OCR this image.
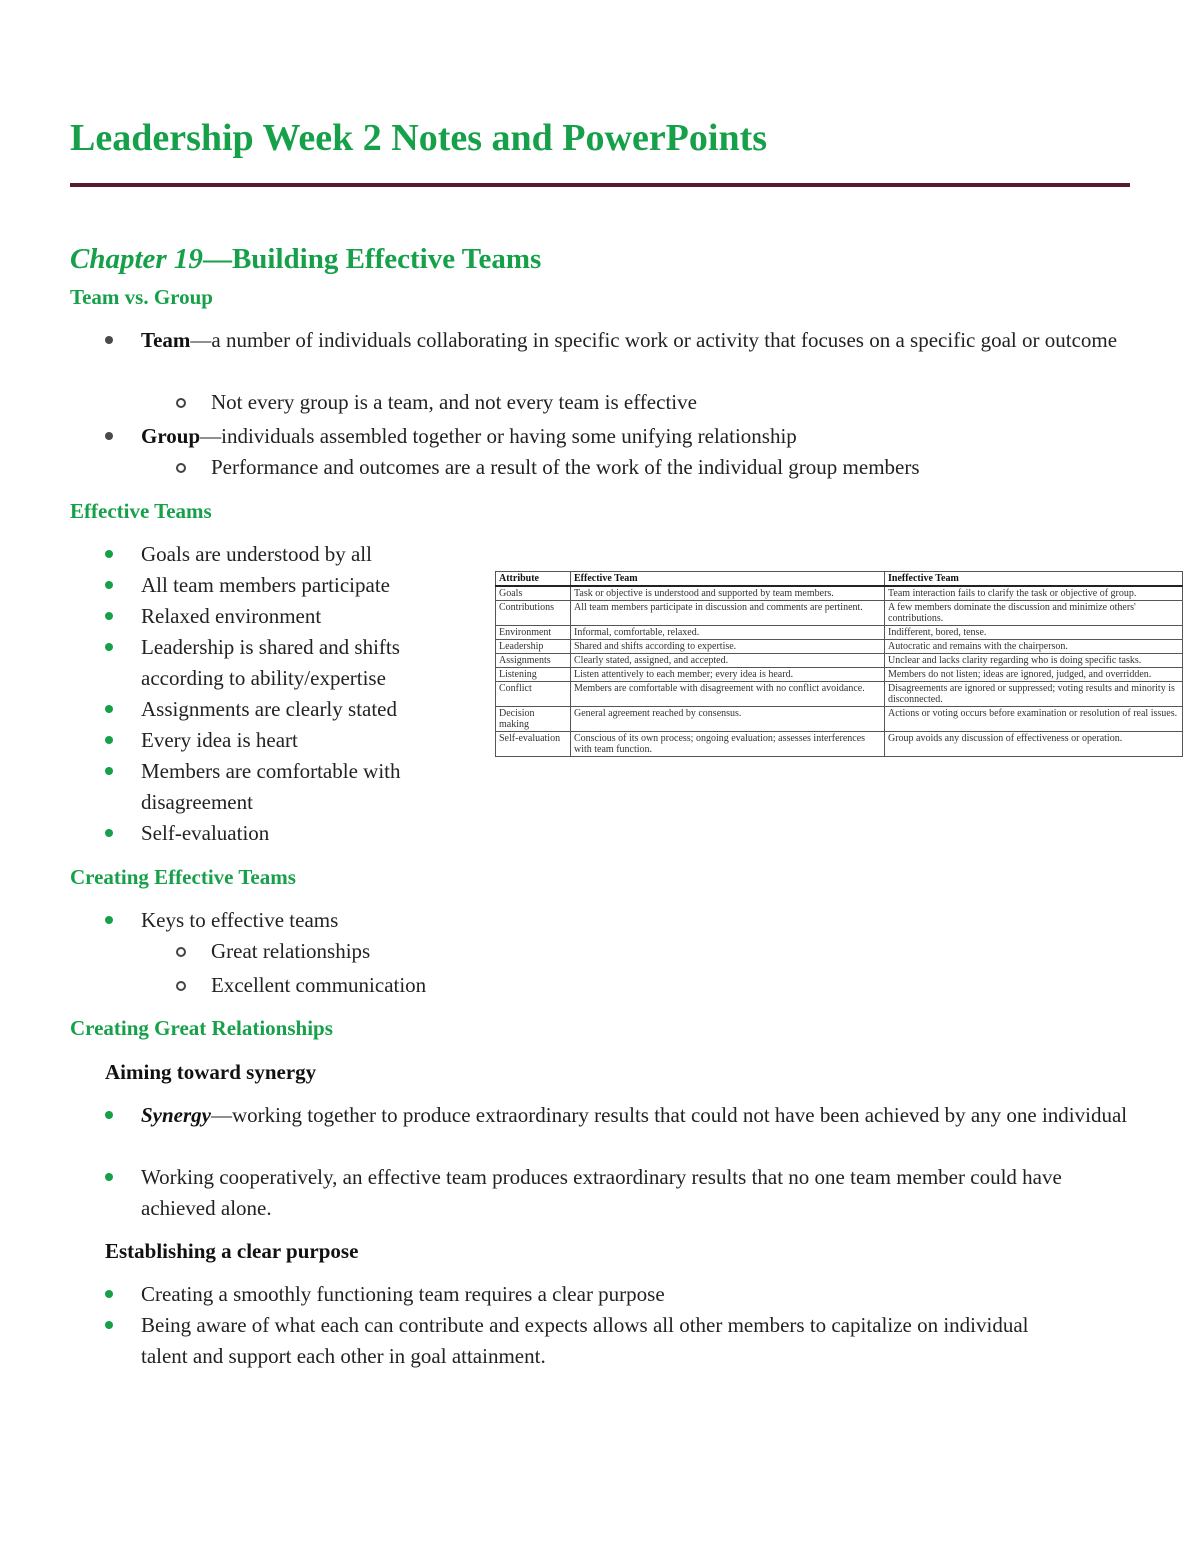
Leadership Week 2 Notes and PowerPoints
Chapter 19—Building Effective Teams
Team vs. Group
Team—a number of individuals collaborating in specific work or activity that focuses on a specific goal or outcome
Not every group is a team, and not every team is effective
Group—individuals assembled together or having some unifying relationship
Performance and outcomes are a result of the work of the individual group members
Effective Teams
Goals are understood by all
All team members participate
Relaxed environment
Leadership is shared and shifts according to ability/expertise
Assignments are clearly stated
Every idea is heart
Members are comfortable with disagreement
Self-evaluation
Attribute	Effective Team	Ineffective Team
Goals	Task or objective is understood and supported by team members.	Team interaction fails to clarify the task or objective of group.
Contributions	All team members participate in discussion and comments are pertinent.	A few members dominate the discussion and minimize others' contributions.
Environment	Informal, comfortable, relaxed.	Indifferent, bored, tense.
Leadership	Shared and shifts according to expertise.	Autocratic and remains with the chairperson.
Assignments	Clearly stated, assigned, and accepted.	Unclear and lacks clarity regarding who is doing specific tasks.
Listening	Listen attentively to each member; every idea is heard.	Members do not listen; ideas are ignored, judged, and overridden.
Conflict	Members are comfortable with disagreement with no conflict avoidance.	Disagreements are ignored or suppressed; voting results and minority is disconnected.
Decision making	General agreement reached by consensus.	Actions or voting occurs before examination or resolution of real issues.
Self-evaluation	Conscious of its own process; ongoing evaluation; assesses interferences with team function.	Group avoids any discussion of effectiveness or operation.
Creating Effective Teams
Keys to effective teams
Great relationships
Excellent communication
Creating Great Relationships
Aiming toward synergy
Synergy—working together to produce extraordinary results that could not have been achieved by any one individual
Working cooperatively, an effective team produces extraordinary results that no one team member could have achieved alone.
Establishing a clear purpose
Creating a smoothly functioning team requires a clear purpose
Being aware of what each can contribute and expects allows all other members to capitalize on individual talent and support each other in goal attainment.
